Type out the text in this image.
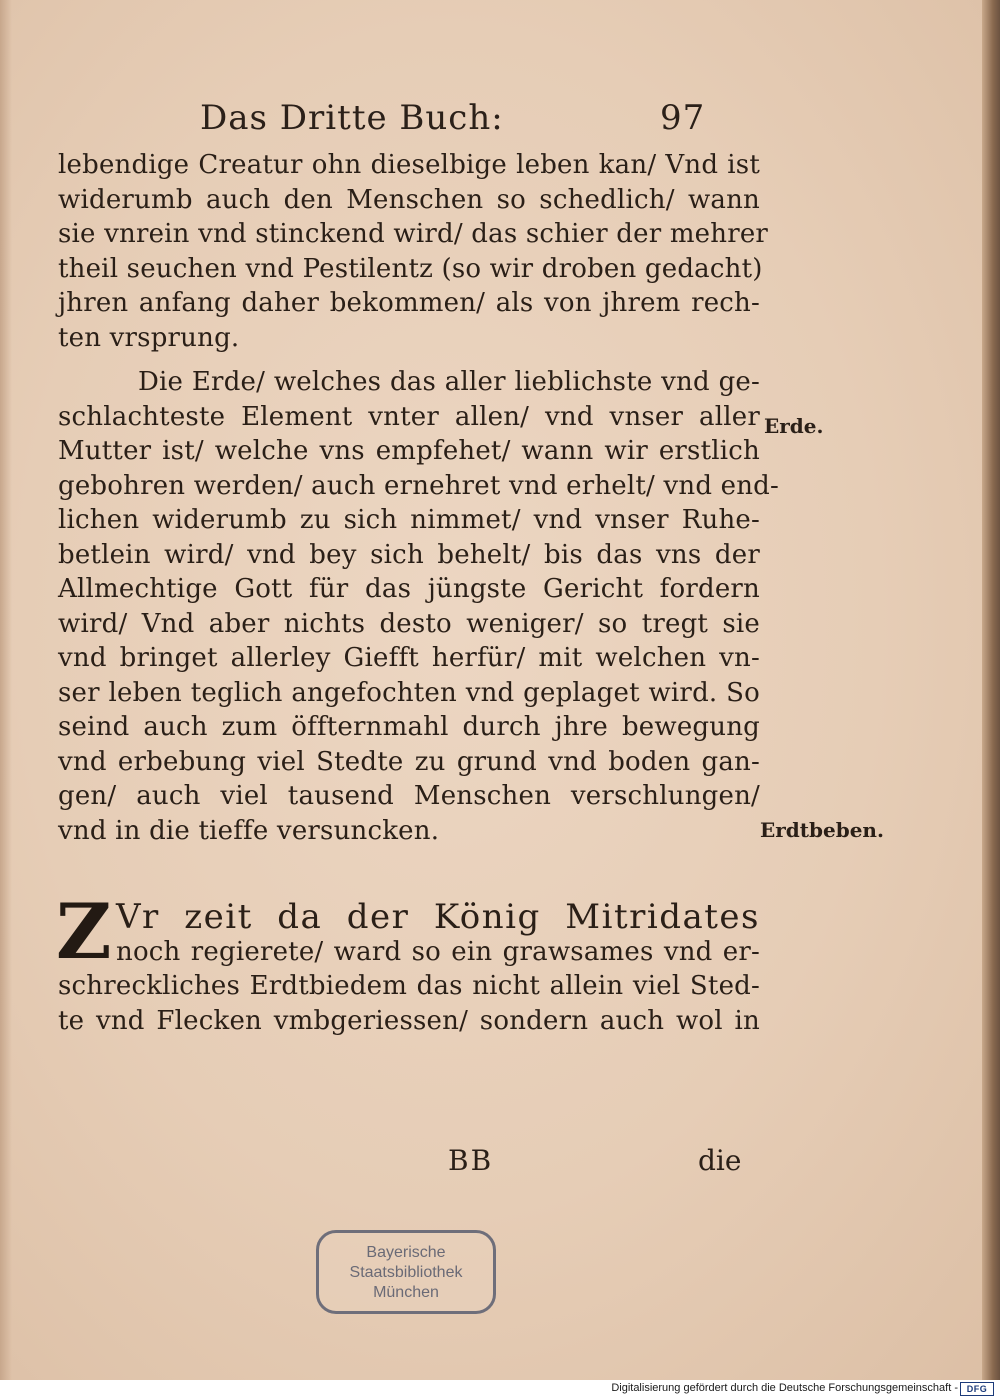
Das Dritte Buch:	97
lebendige Creatur ohn dieselbige leben kan/ Vnd ist
widerumb auch den Menschen so schedlich/ wann
sie vnrein vnd stinckend wird/ das schier der mehrer
theil seuchen vnd Pestilentz (so wir droben gedacht)
jhren anfang daher bekommen/ als von jhrem rech-
ten vrsprung.
Die Erde/ welches das aller lieblichste vnd ge-
schlachteste Element vnter allen/ vnd vnser aller
Mutter ist/ welche vns empfehet/ wann wir erstlich
gebohren werden/ auch ernehret vnd erhelt/ vnd end-
lichen widerumb zu sich nimmet/ vnd vnser Ruhe-
betlein wird/ vnd bey sich behelt/ bis das vns der
Allmechtige Gott für das jüngste Gericht fordern
wird/ Vnd aber nichts desto weniger/ so tregt sie
vnd bringet allerley Giefft herfür/ mit welchen vn-
ser leben teglich angefochten vnd geplaget wird. So
seind auch zum öffternmahl durch jhre bewegung
vnd erbebung viel Stedte zu grund vnd boden gan-
gen/ auch viel tausend Menschen verschlungen/
vnd in die tieffe versuncken.
Z Vr zeit da der König Mitridates
noch regierete/ ward so ein grawsames vnd er-
schreckliches Erdtbiedem das nicht allein viel Sted-
te vnd Flecken vmbgeriessen/ sondern auch wol in
BB	die
Erde.
Erdtbeben.
Bayerische
Staatsbibliothek
München
Digitalisierung gefördert durch die Deutsche Forschungsgemeinschaft - DFG
